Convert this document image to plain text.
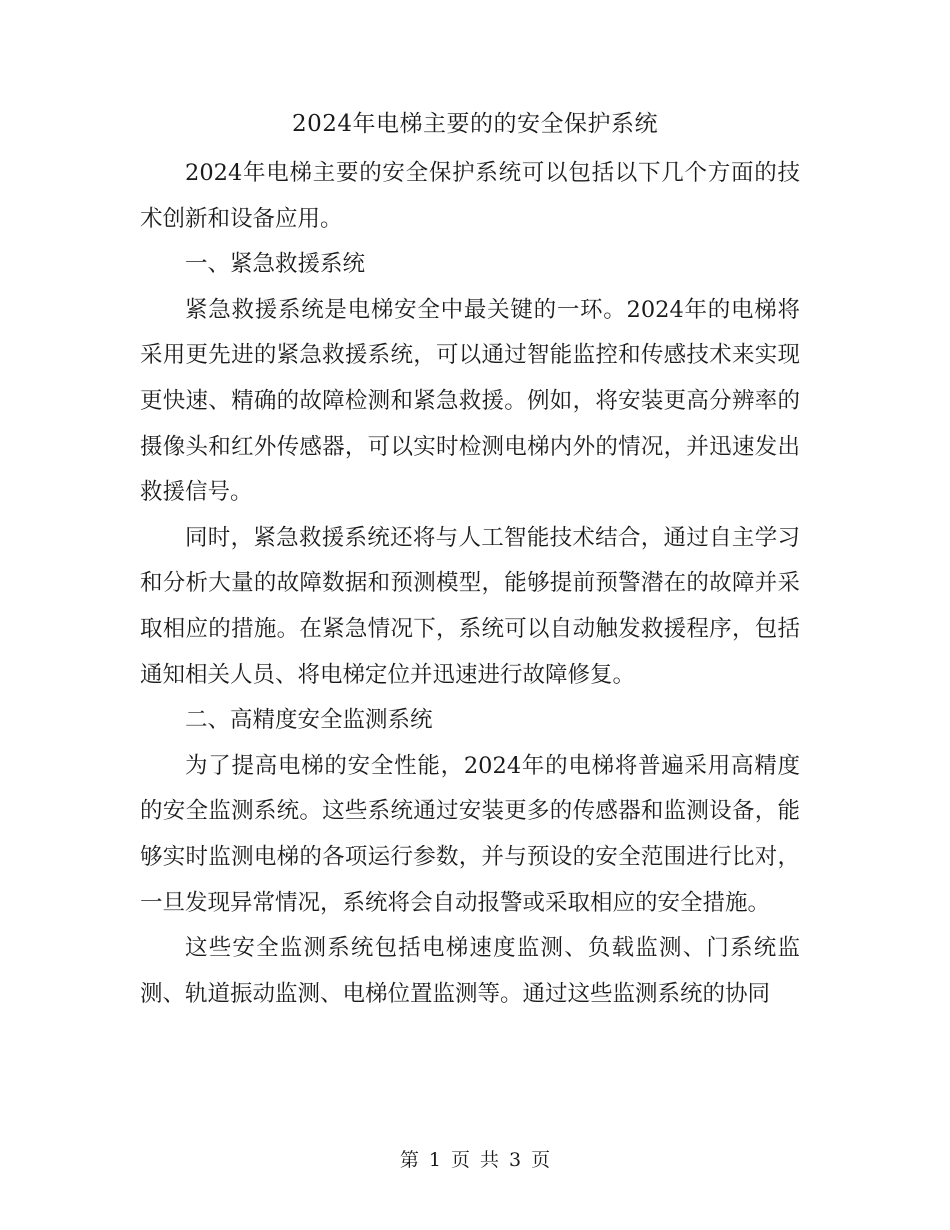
2024年电梯主要的的安全保护系统

2024年电梯主要的安全保护系统可以包括以下几个方面的技术创新和设备应用。

一、紧急救援系统

紧急救援系统是电梯安全中最关键的一环。2024年的电梯将采用更先进的紧急救援系统，可以通过智能监控和传感技术来实现更快速、精确的故障检测和紧急救援。例如，将安装更高分辨率的摄像头和红外传感器，可以实时检测电梯内外的情况，并迅速发出救援信号。

同时，紧急救援系统还将与人工智能技术结合，通过自主学习和分析大量的故障数据和预测模型，能够提前预警潜在的故障并采取相应的措施。在紧急情况下，系统可以自动触发救援程序，包括通知相关人员、将电梯定位并迅速进行故障修复。

二、高精度安全监测系统

为了提高电梯的安全性能，2024年的电梯将普遍采用高精度的安全监测系统。这些系统通过安装更多的传感器和监测设备，能够实时监测电梯的各项运行参数，并与预设的安全范围进行比对，一旦发现异常情况，系统将会自动报警或采取相应的安全措施。

这些安全监测系统包括电梯速度监测、负载监测、门系统监测、轨道振动监测、电梯位置监测等。通过这些监测系统的协同

第 1 页 共 3 页
